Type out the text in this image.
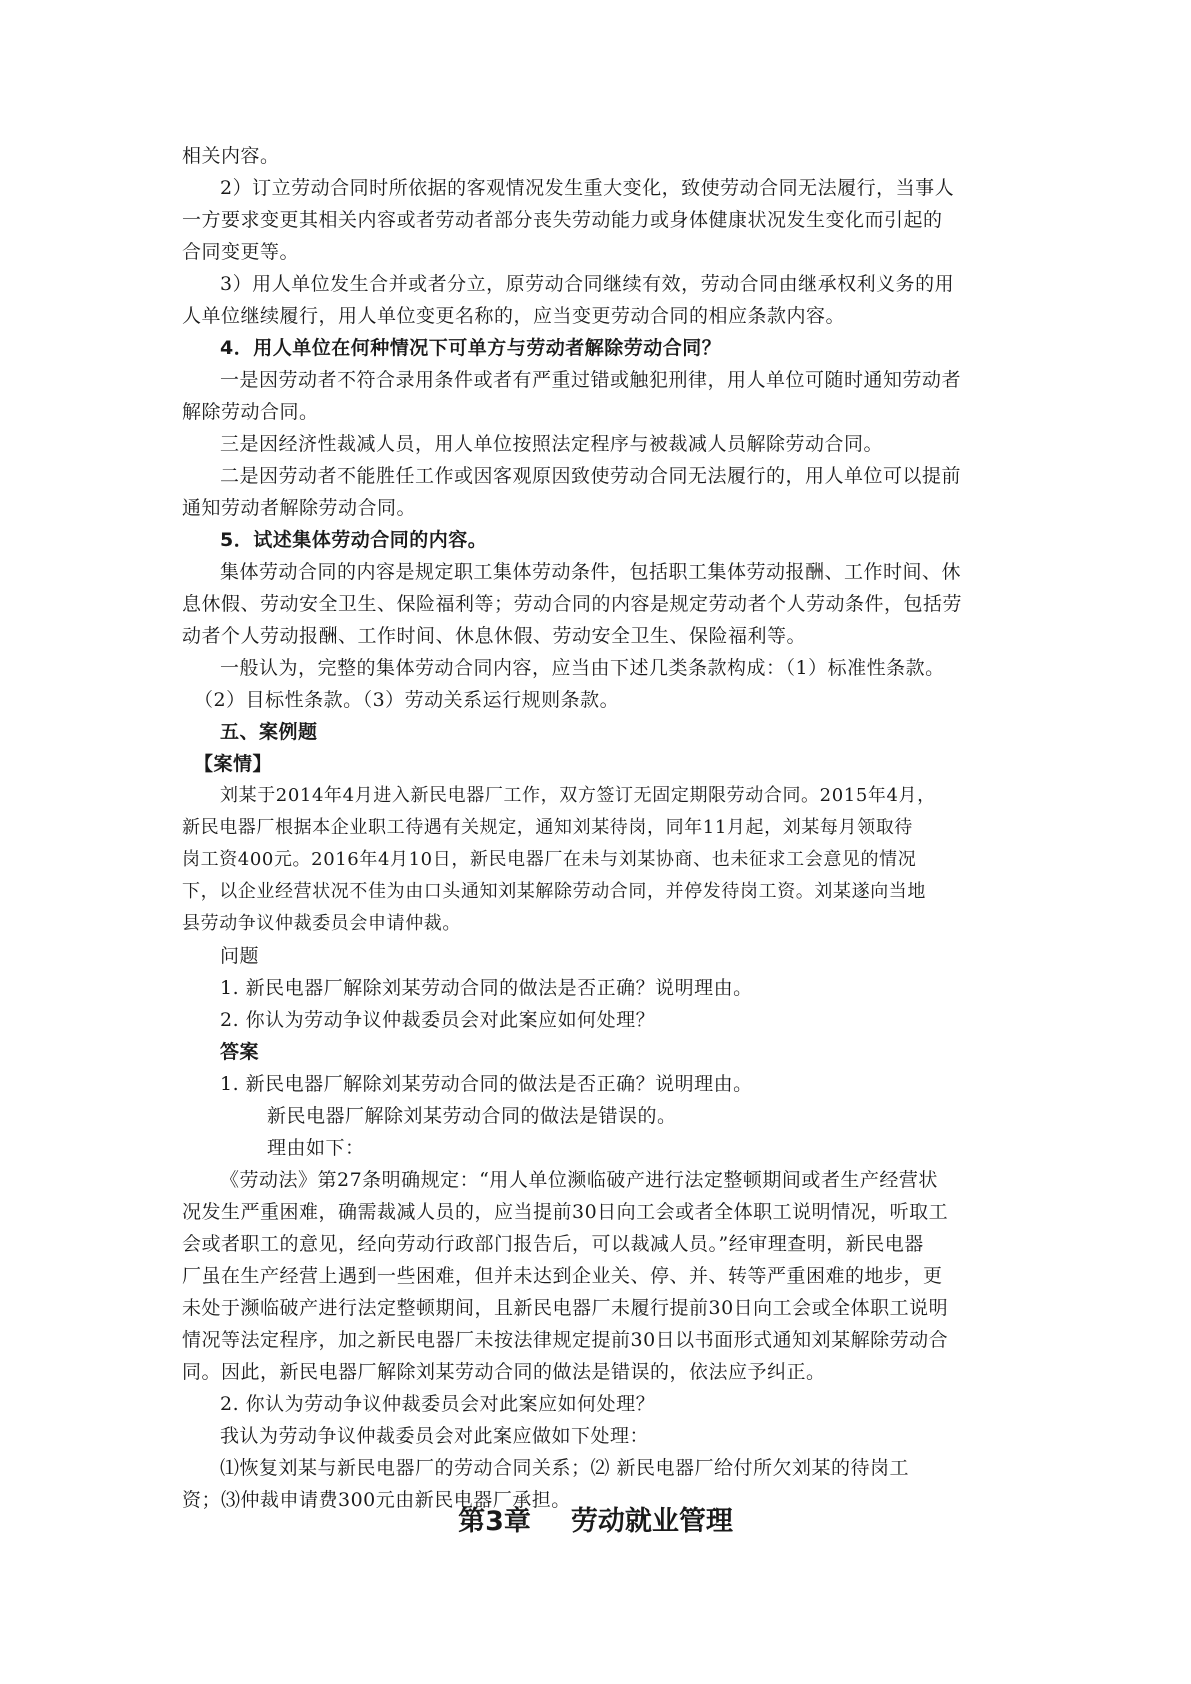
相关内容。
2）订立劳动合同时所依据的客观情况发生重大变化，致使劳动合同无法履行，当事人
一方要求变更其相关内容或者劳动者部分丧失劳动能力或身体健康状况发生变化而引起的
合同变更等。
3）用人单位发生合并或者分立，原劳动合同继续有效，劳动合同由继承权利义务的用
人单位继续履行，用人单位变更名称的，应当变更劳动合同的相应条款内容。
4．用人单位在何种情况下可单方与劳动者解除劳动合同？
一是因劳动者不符合录用条件或者有严重过错或触犯刑律，用人单位可随时通知劳动者
解除劳动合同。
三是因经济性裁减人员，用人单位按照法定程序与被裁减人员解除劳动合同。
二是因劳动者不能胜任工作或因客观原因致使劳动合同无法履行的，用人单位可以提前
通知劳动者解除劳动合同。
5．试述集体劳动合同的内容。
集体劳动合同的内容是规定职工集体劳动条件，包括职工集体劳动报酬、工作时间、休
息休假、劳动安全卫生、保险福利等；劳动合同的内容是规定劳动者个人劳动条件，包括劳
动者个人劳动报酬、工作时间、休息休假、劳动安全卫生、保险福利等。
一般认为，完整的集体劳动合同内容，应当由下述几类条款构成：（1）标准性条款。
（2）目标性条款。（3）劳动关系运行规则条款。
五、案例题
【案情】
刘某于2014年4月进入新民电器厂工作，双方签订无固定期限劳动合同。2015年4月，
新民电器厂根据本企业职工待遇有关规定，通知刘某待岗，同年11月起，刘某每月领取待
岗工资400元。2016年4月10日，新民电器厂在未与刘某协商、也未征求工会意见的情况
下，以企业经营状况不佳为由口头通知刘某解除劳动合同，并停发待岗工资。刘某遂向当地
县劳动争议仲裁委员会申请仲裁。
问题
1. 新民电器厂解除刘某劳动合同的做法是否正确？说明理由。
2. 你认为劳动争议仲裁委员会对此案应如何处理？
答案
1. 新民电器厂解除刘某劳动合同的做法是否正确？说明理由。
新民电器厂解除刘某劳动合同的做法是错误的。
理由如下：
《劳动法》第27条明确规定：“用人单位濒临破产进行法定整顿期间或者生产经营状
况发生严重困难，确需裁减人员的，应当提前30日向工会或者全体职工说明情况，听取工
会或者职工的意见，经向劳动行政部门报告后，可以裁减人员。”经审理查明，新民电器
厂虽在生产经营上遇到一些困难，但并未达到企业关、停、并、转等严重困难的地步，更
未处于濒临破产进行法定整顿期间，且新民电器厂未履行提前30日向工会或全体职工说明
情况等法定程序，加之新民电器厂未按法律规定提前30日以书面形式通知刘某解除劳动合
同。因此，新民电器厂解除刘某劳动合同的做法是错误的，依法应予纠正。
2. 你认为劳动争议仲裁委员会对此案应如何处理？
我认为劳动争议仲裁委员会对此案应做如下处理：
⑴恢复刘某与新民电器厂的劳动合同关系；⑵ 新民电器厂给付所欠刘某的待岗工
资；⑶仲裁申请费300元由新民电器厂承担。
第3章 劳动就业管理
